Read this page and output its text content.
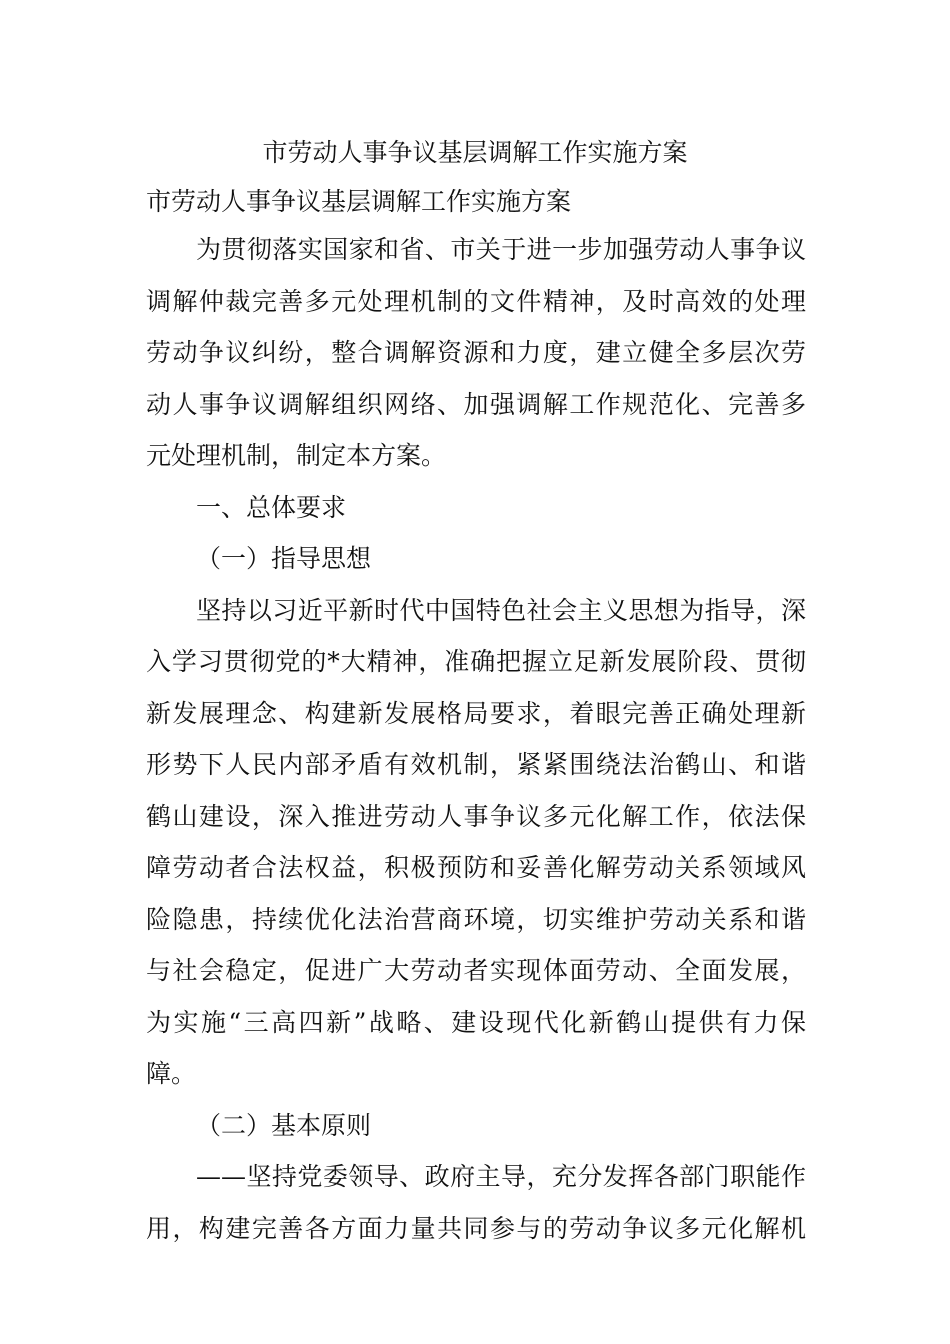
市劳动人事争议基层调解工作实施方案
市劳动人事争议基层调解工作实施方案
为贯彻落实国家和省、市关于进一步加强劳动人事争议
调解仲裁完善多元处理机制的文件精神，及时高效的处理
劳动争议纠纷，整合调解资源和力度，建立健全多层次劳
动人事争议调解组织网络、加强调解工作规范化、完善多
元处理机制，制定本方案。
一、总体要求
（一）指导思想
坚持以习近平新时代中国特色社会主义思想为指导，深
入学习贯彻党的*大精神，准确把握立足新发展阶段、贯彻
新发展理念、构建新发展格局要求，着眼完善正确处理新
形势下人民内部矛盾有效机制，紧紧围绕法治鹤山、和谐
鹤山建设，深入推进劳动人事争议多元化解工作，依法保
障劳动者合法权益，积极预防和妥善化解劳动关系领域风
险隐患，持续优化法治营商环境，切实维护劳动关系和谐
与社会稳定，促进广大劳动者实现体面劳动、全面发展，
为实施“三高四新”战略、建设现代化新鹤山提供有力保
障。
（二）基本原则
——坚持党委领导、政府主导，充分发挥各部门职能作
用，构建完善各方面力量共同参与的劳动争议多元化解机
